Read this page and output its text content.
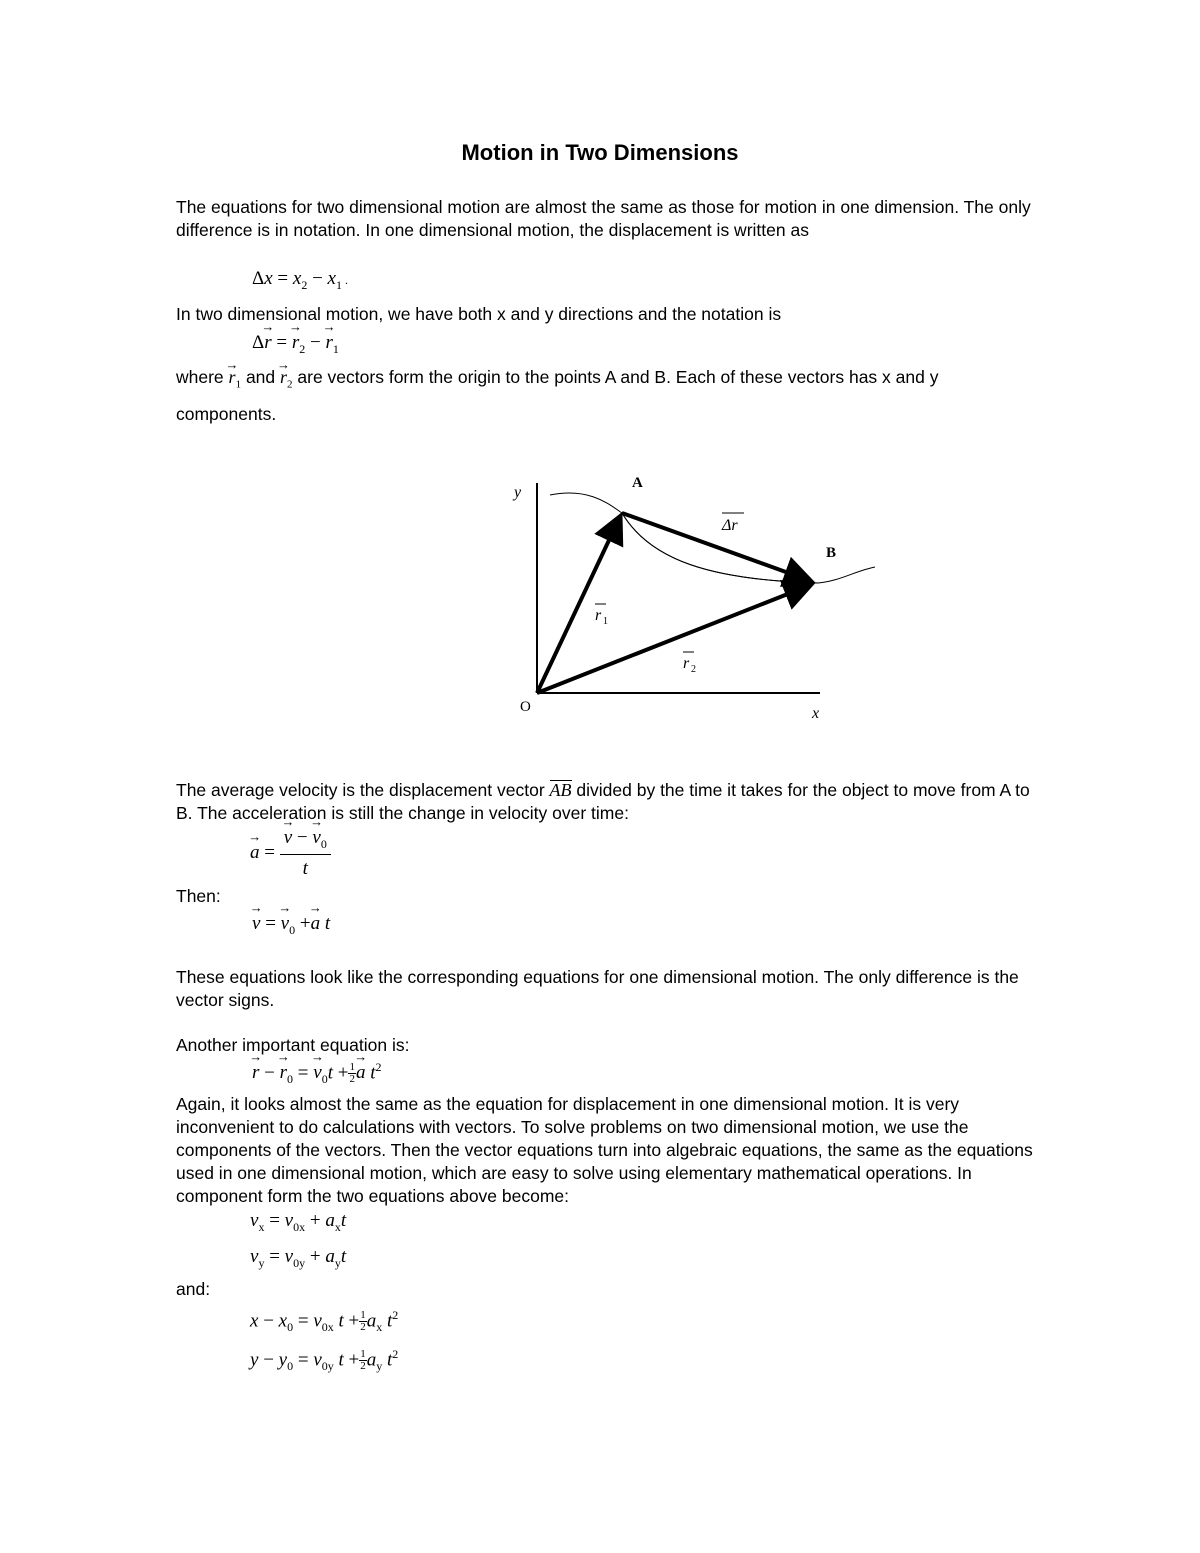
Motion in Two Dimensions

The equations for two dimensional motion are almost the same as those for motion in one dimension. The only difference is in notation. In one dimensional motion, the displacement is written as

$\Delta x = x_2 - x_1$ .

In two dimensional motion, we have both x and y directions and the notation is

Δ→ r = → $r_2$ − → $r_1$
where → $r_1$ and → $r_2$ are vectors form the origin to the points A and B. Each of these vectors has x and y components.
y
x
O
A
B
Δr
r 1
r 2
The average velocity is the displacement vector AB divided by the time it takes for the object to move from A to B. The acceleration is still the change in velocity over time:
→ a =
→ $\frac{v - \to v_0}{t}$

Then:

→ v = → $v_0 +\to a$ t

These equations look like the corresponding equations for one dimensional motion. The only difference is the vector signs.

Another important equation is:

→ r − → $r_0$ = → $v_0t + \frac{1}{2}$
→ a $t^2$

Again, it looks almost the same as the equation for displacement in one dimensional motion. It is very inconvenient to do calculations with vectors. To solve problems on two dimensional motion, we use the components of the vectors. Then the vector equations turn into algebraic equations, the same as the equations used in one dimensional motion, which are easy to solve using elementary mathematical operations. In component form the two equations above become:

$v_x = v_{0x} + a_xt$
$v_y = v_{0y} + a_yt$

and:

$x - x_0 = v_{0x}$ $t + \frac{1}{2} a_x$ $t^2$
$y - y_0 = v_{0y}$ $t + \frac{1}{2} a_y$ $t^2$
